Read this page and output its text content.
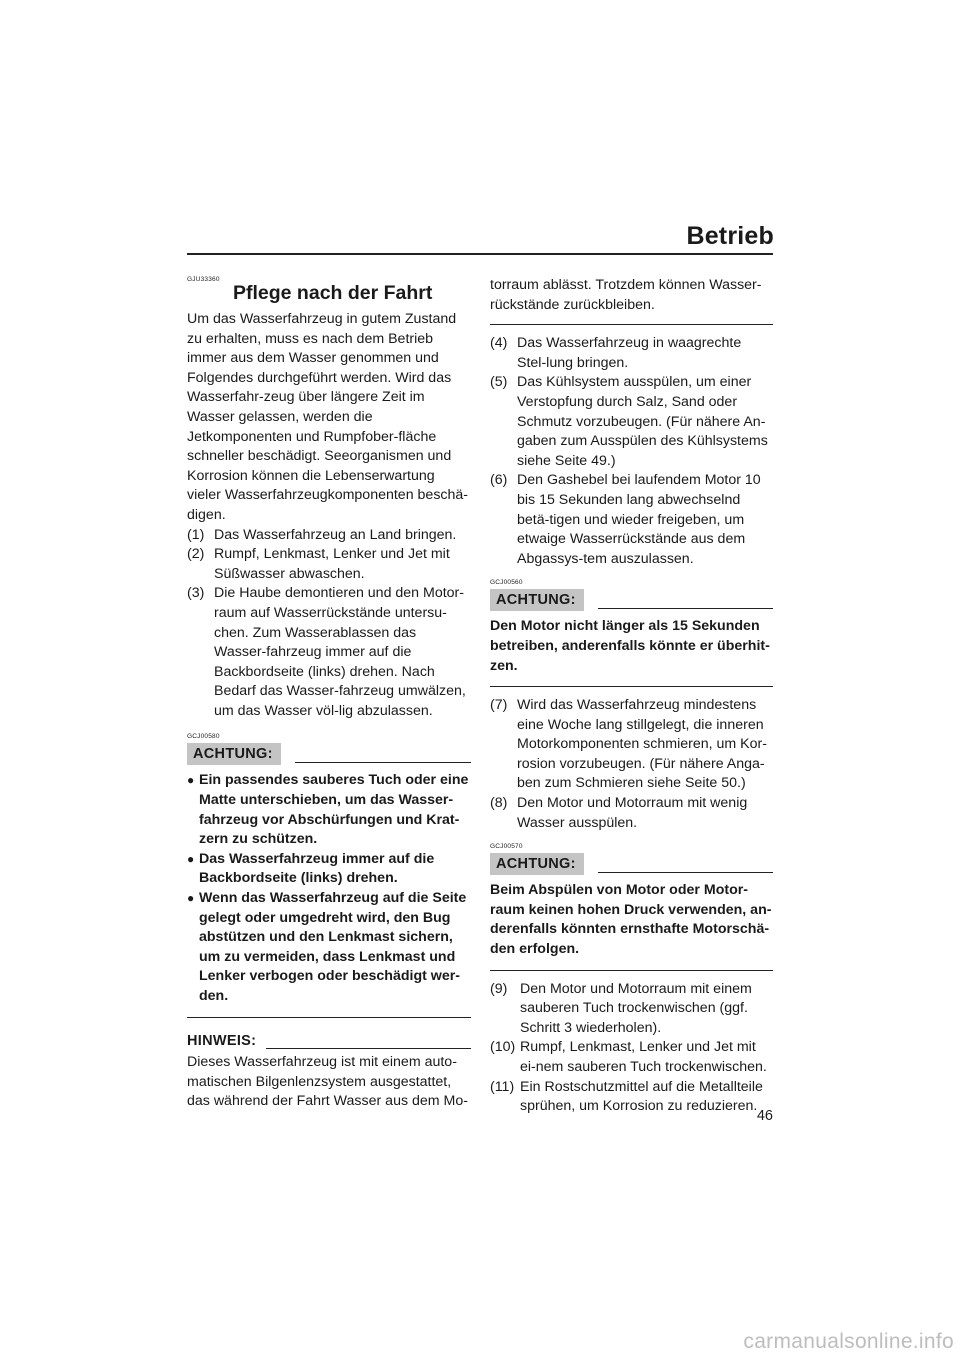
Betrieb

GJU33360

Pflege nach der Fahrt

Um das Wasserfahrzeug in gutem Zustand zu erhalten, muss es nach dem Betrieb immer aus dem Wasser genommen und Folgendes durchgeführt werden. Wird das Wasserfahr-zeug über längere Zeit im Wasser gelassen, werden die Jetkomponenten und Rumpfober-fläche schneller beschädigt. Seeorganismen und Korrosion können die Lebenserwartung vieler Wasserfahrzeugkomponenten beschä-digen.

(1) Das Wasserfahrzeug an Land bringen.
(2) Rumpf, Lenkmast, Lenker und Jet mit Süßwasser abwaschen.
(3) Die Haube demontieren und den Motor-raum auf Wasserrückstände untersu-chen. Zum Wasserablassen das Wasser-fahrzeug immer auf die Backbordseite (links) drehen. Nach Bedarf das Wasser-fahrzeug umwälzen, um das Wasser völ-lig abzulassen.

GCJ00580

ACHTUNG:
● Ein passendes sauberes Tuch oder eine Matte unterschieben, um das Wasser-fahrzeug vor Abschürfungen und Krat-zern zu schützen.
● Das Wasserfahrzeug immer auf die Backbordseite (links) drehen.
● Wenn das Wasserfahrzeug auf die Seite gelegt oder umgedreht wird, den Bug abstützen und den Lenkmast sichern, um zu vermeiden, dass Lenkmast und Lenker verbogen oder beschädigt wer-den.
HINWEIS:

Dieses Wasserfahrzeug ist mit einem auto-matischen Bilgenlenzsystem ausgestattet, das während der Fahrt Wasser aus dem Mo-

torraum ablässt. Trotzdem können Wasser-rückstände zurückbleiben.

(4) Das Wasserfahrzeug in waagrechte Stel-lung bringen.
(5) Das Kühlsystem ausspülen, um einer Verstopfung durch Salz, Sand oder Schmutz vorzubeugen. (Für nähere An-gaben zum Ausspülen des Kühlsystems siehe Seite 49.)
(6) Den Gashebel bei laufendem Motor 10 bis 15 Sekunden lang abwechselnd betä-tigen und wieder freigeben, um etwaige Wasserrückstände aus dem Abgassys-tem auszulassen.

GCJ00560

ACHTUNG:

Den Motor nicht länger als 15 Sekunden betreiben, anderenfalls könnte er überhit-zen.

(7) Wird das Wasserfahrzeug mindestens eine Woche lang stillgelegt, die inneren Motorkomponenten schmieren, um Kor-rosion vorzubeugen. (Für nähere Anga-ben zum Schmieren siehe Seite 50.)
(8) Den Motor und Motorraum mit wenig Wasser ausspülen.

GCJ00570

ACHTUNG:

Beim Abspülen von Motor oder Motor-raum keinen hohen Druck verwenden, an-derenfalls könnten ernsthafte Motorschä-den erfolgen.

(9) Den Motor und Motorraum mit einem sauberen Tuch trockenwischen (ggf. Schritt 3 wiederholen).
(10) Rumpf, Lenkmast, Lenker und Jet mit ei-nem sauberen Tuch trockenwischen.
(11) Ein Rostschutzmittel auf die Metallteile sprühen, um Korrosion zu reduzieren.
46
carmanualsonline.info
